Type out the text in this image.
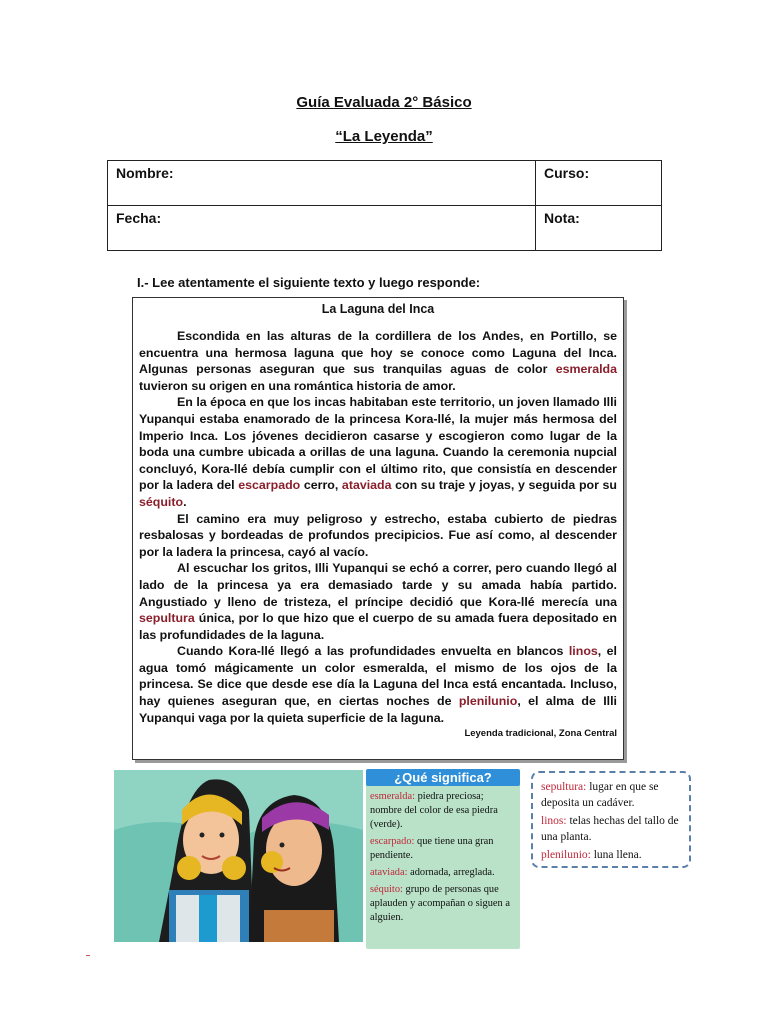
Guía Evaluada 2° Básico
“La Leyenda”
Nombre:	Curso:
Fecha:	Nota:
I.- Lee atentamente el siguiente texto y luego responde:
La Laguna del Inca

Escondida en las alturas de la cordillera de los Andes, en Portillo, se encuentra una hermosa laguna que hoy se conoce como Laguna del Inca. Algunas personas aseguran que sus tranquilas aguas de color esmeralda tuvieron su origen en una romántica historia de amor.

En la época en que los incas habitaban este territorio, un joven llamado Illi Yupanqui estaba enamorado de la princesa Kora-llé, la mujer más hermosa del Imperio Inca. Los jóvenes decidieron casarse y escogieron como lugar de la boda una cumbre ubicada a orillas de una laguna. Cuando la ceremonia nupcial concluyó, Kora-llé debía cumplir con el último rito, que consistía en descender por la ladera del escarpado cerro, ataviada con su traje y joyas, y seguida por su séquito.

El camino era muy peligroso y estrecho, estaba cubierto de piedras resbalosas y bordeadas de profundos precipicios. Fue así como, al descender por la ladera la princesa, cayó al vacío.

Al escuchar los gritos, Illi Yupanqui se echó a correr, pero cuando llegó al lado de la princesa ya era demasiado tarde y su amada había partido. Angustiado y lleno de tristeza, el príncipe decidió que Kora-llé merecía una sepultura única, por lo que hizo que el cuerpo de su amada fuera depositado en las profundidades de la laguna.

Cuando Kora-llé llegó a las profundidades envuelta en blancos linos, el agua tomó mágicamente un color esmeralda, el mismo de los ojos de la princesa. Se dice que desde ese día la Laguna del Inca está encantada. Incluso, hay quienes aseguran que, en ciertas noches de plenilunio, el alma de Illi Yupanqui vaga por la quieta superficie de la laguna.

Leyenda tradicional, Zona Central
¿Qué significa?
esmeralda: piedra preciosa; nombre del color de esa piedra (verde).
escarpado: que tiene una gran pendiente.
ataviada: adornada, arreglada.
séquito: grupo de personas que aplauden y acompañan o siguen a alguien.
sepultura: lugar en que se deposita un cadáver.
linos: telas hechas del tallo de una planta.
plenilunio: luna llena.
